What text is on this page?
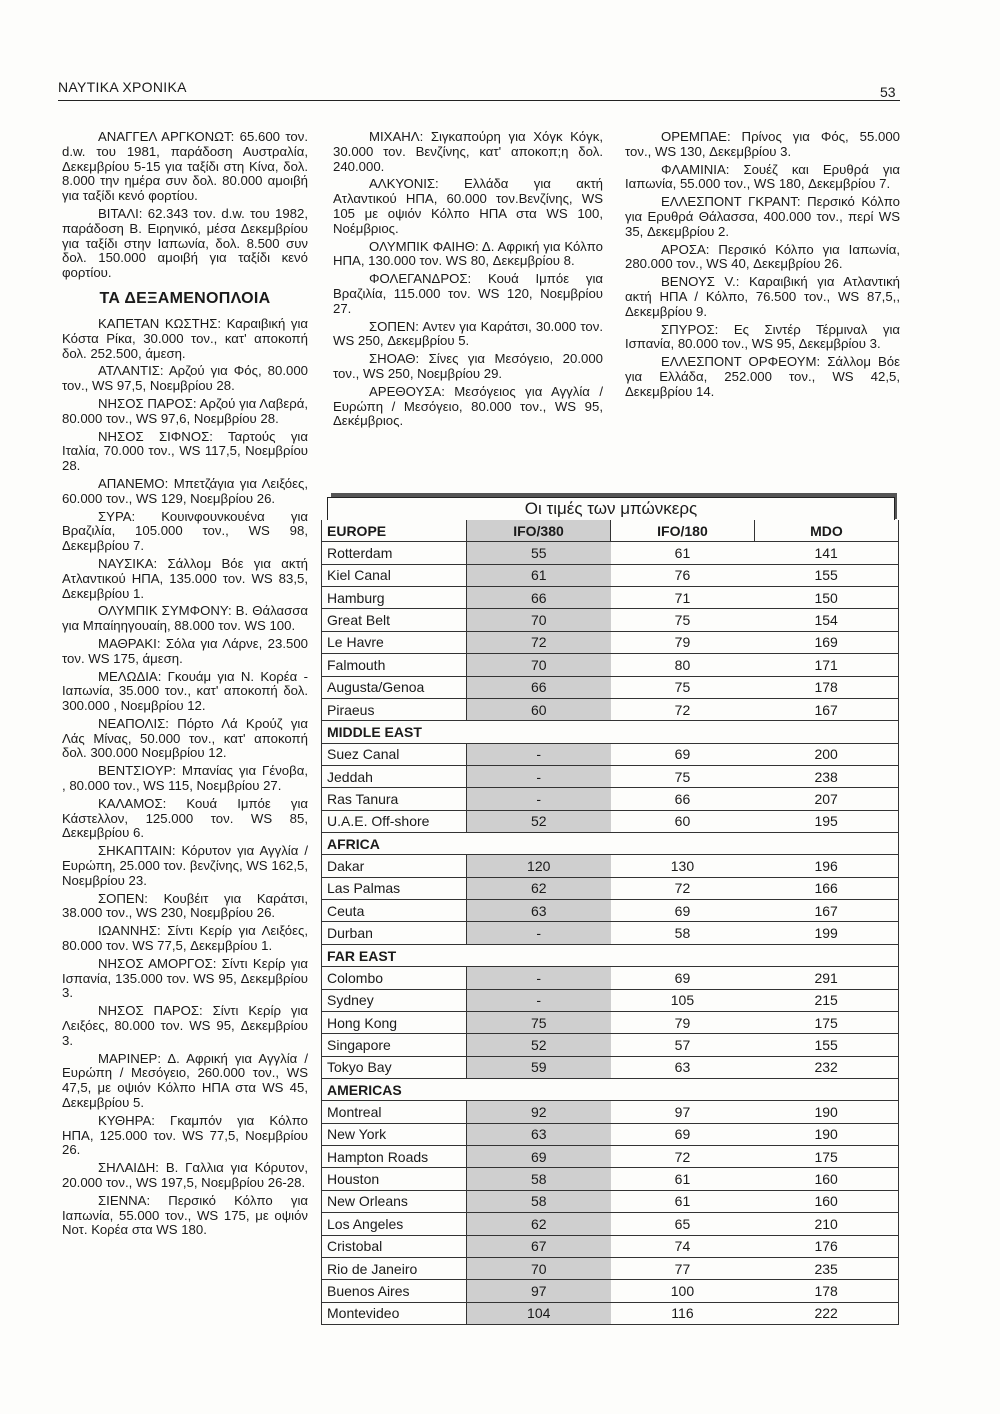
ΝΑΥΤΙΚΑ ΧΡΟΝΙΚΑ	53

ΑΝΑΓΓΕΛ ΑΡΓΚΟΝΩΤ: 65.600 τον. d.w. του 1981, παράδοση Αυστραλία, Δεκεμβρίου 5-15 για ταξίδι στη Κίνα, δολ. 8.000 την ημέρα συν δολ. 80.000 αμοιβή για ταξίδι κενό φορτίου.

ΒΙΤΑΛΙ: 62.343 τον. d.w. του 1982, παράδοση Β. Ειρηνικό, μέσα Δεκεμβρίου για ταξίδι στην Ιαπωνία, δολ. 8.500 συν δολ. 150.000 αμοιβή για ταξίδι κενό φορτίου.

ΤΑ ΔΕΞΑΜΕΝΟΠΛΟΙΑ

ΚΑΠΕΤΑΝ ΚΩΣΤΗΣ: Καραιβική για Κόστα Ρίκα, 30.000 τον., κατ' αποκοπή δολ. 252.500, άμεση.

ΑΤΛΑΝΤΙΣ: Αρζού για Φός, 80.000 τον., WS 97,5, Νοεμβρίου 28.

ΝΗΣΟΣ ΠΑΡΟΣ: Αρζού για Λαβερά, 80.000 τον., WS 97,6, Νοεμβρίου 28.

ΝΗΣΟΣ ΣΙΦΝΟΣ: Ταρτούς για Ιταλία, 70.000 τον., WS 117,5, Νοεμβρίου 28.

ΑΠΑΝΕΜΟ: Μπετζάγια για Λειξόες, 60.000 τον., WS 129, Νοεμβρίου 26.

ΣΥΡΑ: Κουινφουνκουένα για Βραζιλία, 105.000 τον., WS 98, Δεκεμβρίου 7.

ΝΑΥΣΙΚΑ: Σάλλομ Βόε για ακτή Ατλαντικού ΗΠΑ, 135.000 τον. WS 83,5, Δεκεμβρίου 1.

ΟΛΥΜΠΙΚ ΣΥΜΦΟΝΥ: Β. Θάλασσα για Μπαίηηγουαίη, 88.000 τον. WS 100.

ΜΑΘΡΑΚΙ: Σόλα για Λάρνε, 23.500 τον. WS 175, άμεση.

ΜΕΛΩΔΙΑ: Γκουάμ για Ν. Κορέα - Ιαπωνία, 35.000 τον., κατ' αποκοπή δολ. 300.000 , Νοεμβρίου 12.

ΝΕΑΠΟΛΙΣ: Πόρτο Λά Κρούζ για Λάς Μίνας, 50.000 τον., κατ' αποκοπή δολ. 300.000 Νοεμβρίου 12.

ΒΕΝΤΣΙΟΥΡ: Μπανίας για Γένοβα, , 80.000 τον., WS 115, Νοεμβρίου 27.

ΚΑΛΑΜΟΣ: Κουά Ιμπόε για Κάστελλον, 125.000 τον. WS 85, Δεκεμβρίου 6.

ΣΗΚΑΠΤΑΙΝ: Κόρυτον για Αγγλία / Ευρώπη, 25.000 τον. βενζίνης, WS 162,5, Νοεμβρίου 23.

ΣΟΠΕΝ: Κουβέιτ για Καράτσι, 38.000 τον., WS 230, Νοεμβρίου 26.

ΙΩΑΝΝΗΣ: Σίντι Κερίρ για Λειξόες, 80.000 τον. WS 77,5, Δεκεμβρίου 1.

ΝΗΣΟΣ ΑΜΟΡΓΟΣ: Σίντι Κερίρ για Ισπανία, 135.000 τον. WS 95, Δεκεμβρίου 3.

ΝΗΣΟΣ ΠΑΡΟΣ: Σίντι Κερίρ για Λειξόες, 80.000 τον. WS 95, Δεκεμβρίου 3.

ΜΑΡΙΝΕΡ: Δ. Αφρική για Αγγλία / Ευρώπη / Μεσόγειο, 260.000 τον., WS 47,5, με οψιόν Κόλπο ΗΠΑ στα WS 45, Δεκεμβρίου 5.

ΚΥΘΗΡΑ: Γκαμπόν για Κόλπο ΗΠΑ, 125.000 τον. WS 77,5, Νοεμβρίου 26.

ΣΗΛΑΙΔΗ: Β. Γαλλια για Κόρυτον, 20.000 τον., WS 197,5, Νοεμβρίου 26-28.

ΣΙΕΝΝΑ: Περσικό Κόλπο για Ιαπωνία, 55.000 τον., WS 175, με οψιόν Νοτ. Κορέα στα WS 180.

ΜΙΧΑΗΛ: Σιγκαπούρη για Χόγκ Κόγκ, 30.000 τον. Βενζίνης, κατ' αποκοπ;η δολ. 240.000.

ΑΛΚΥΟΝΙΣ: Ελλάδα για ακτή Ατλαντικού ΗΠΑ, 60.000 τον.Βενζίνης, WS 105 με οψιόν Κόλπο ΗΠΑ στα WS 100, Νοέμβριος.

ΟΛΥΜΠΙΚ ΦΑΙΗΘ: Δ. Αφρική για Κόλπο ΗΠΑ, 130.000 τον. WS 80, Δεκεμβρίου 8.

ΦΟΛΕΓΑΝΔΡΟΣ: Κουά Ιμπόε για Βραζιλία, 115.000 τον. WS 120, Νοεμβρίου 27.

ΣΟΠΕΝ: Αντεν για Καράτσι, 30.000 τον. WS 250, Δεκεμβρίου 5.

ΣΗΟΑΘ: Σίνες για Μεσόγειο, 20.000 τον., WS 250, Νοεμβρίου 29.

ΑΡΕΘΟΥΣΑ: Μεσόγειος για Αγγλία / Ευρώπη / Μεσόγειο, 80.000 τον., WS 95, Δεκέμβριος.

ΟΡΕΜΠΑΕ: Πρίνος για Φός, 55.000 τον., WS 130, Δεκεμβρίου 3.

ΦΛΑΜΙΝΙΑ: Σουέζ και Ερυθρά για Ιαπωνία, 55.000 τον., WS 180, Δεκεμβρίου 7.

ΕΛΛΕΣΠΟΝΤ ΓΚΡΑΝΤ: Περσικό Κόλπο για Ερυθρά Θάλασσα, 400.000 τον., περί WS 35, Δεκεμβρίου 2.

ΑΡΟΣΑ: Περσικό Κόλπο για Ιαπωνία, 280.000 τον., WS 40, Δεκεμβρίου 26.

ΒΕΝΟΥΣ V.: Καραιβική για Ατλαντική ακτή ΗΠΑ / Κόλπο, 76.500 τον., WS 87,5,, Δεκεμβρίου 9.

ΣΠΥΡΟΣ: Ες Σιντέρ Τέρμιναλ για Ισπανία, 80.000 τον., WS 95, Δεκεμβρίου 3.

ΕΛΛΕΣΠΟΝΤ ΟΡΦΕΟΥΜ: Σάλλομ Βόε για Ελλάδα, 252.000 τον., WS 42,5, Δεκεμβρίου 14.

Οι τιμές των μπώνκερς
EUROPE	IFO/380	IFO/180	MDO
Rotterdam	55	61	141
Kiel Canal	61	76	155
Hamburg	66	71	150
Great Belt	70	75	154
Le Havre	72	79	169
Falmouth	70	80	171
Augusta/Genoa	66	75	178
Piraeus	60	72	167
MIDDLE EAST			
Suez Canal	-	69	200
Jeddah	-	75	238
Ras Tanura	-	66	207
U.A.E. Off-shore	52	60	195
AFRICA			
Dakar	120	130	196
Las Palmas	62	72	166
Ceuta	63	69	167
Durban	-	58	199
FAR EAST			
Colombo	-	69	291
Sydney	-	105	215
Hong Kong	75	79	175
Singapore	52	57	155
Tokyo Bay	59	63	232
AMERICAS			
Montreal	92	97	190
New York	63	69	190
Hampton Roads	69	72	175
Houston	58	61	160
New Orleans	58	61	160
Los Angeles	62	65	210
Cristobal	67	74	176
Rio de Janeiro	70	77	235
Buenos Aires	97	100	178
Montevideo	104	116	222
